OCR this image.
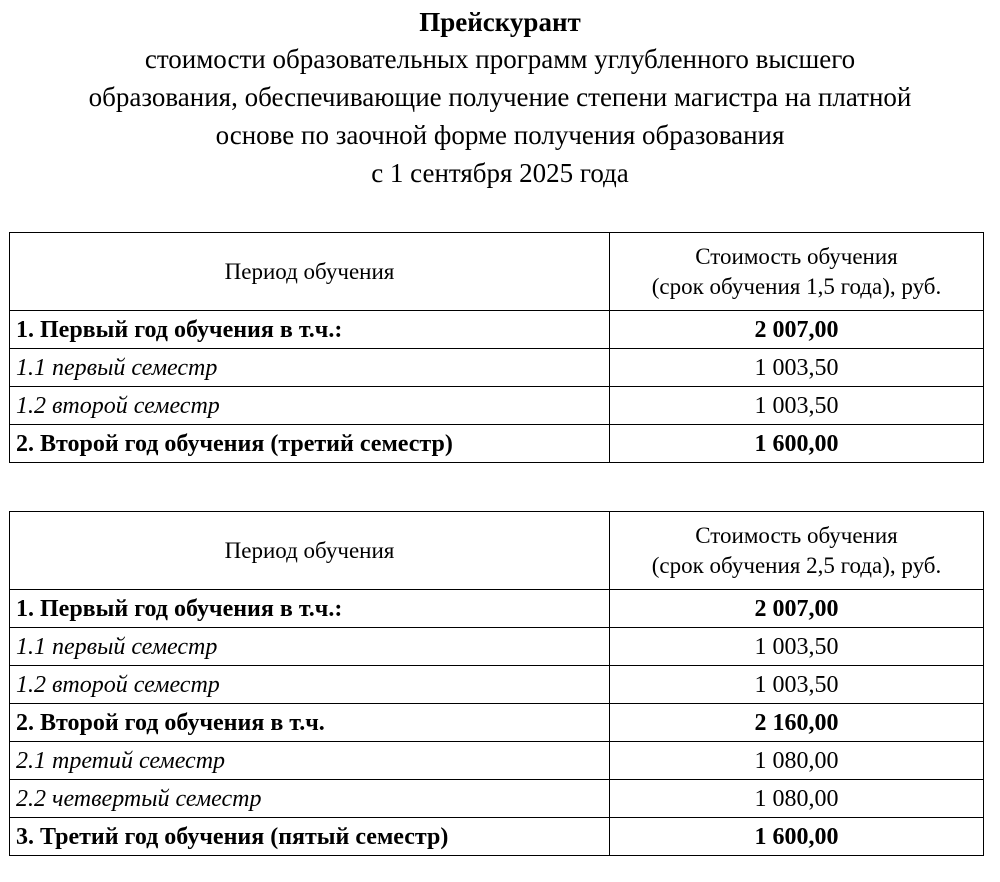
Прейскурант
стоимости образовательных программ углубленного высшего
образования, обеспечивающие получение степени магистра на платной
основе по заочной форме получения образования
с 1 сентября 2025 года
Период обучения	Стоимость обучения
(срок обучения 1,5 года), руб.

1. Первый год обучения в т.ч.:	2 007,00
1.1 первый семестр	1 003,50
1.2 второй семестр	1 003,50
2. Второй год обучения (третий семестр)	1 600,00
Период обучения	Стоимость обучения
(срок обучения 2,5 года), руб.

1. Первый год обучения в т.ч.:	2 007,00
1.1 первый семестр	1 003,50
1.2 второй семестр	1 003,50
2. Второй год обучения в т.ч.	2 160,00
2.1 третий семестр	1 080,00
2.2 четвертый семестр	1 080,00
3. Третий год обучения (пятый семестр)	1 600,00
